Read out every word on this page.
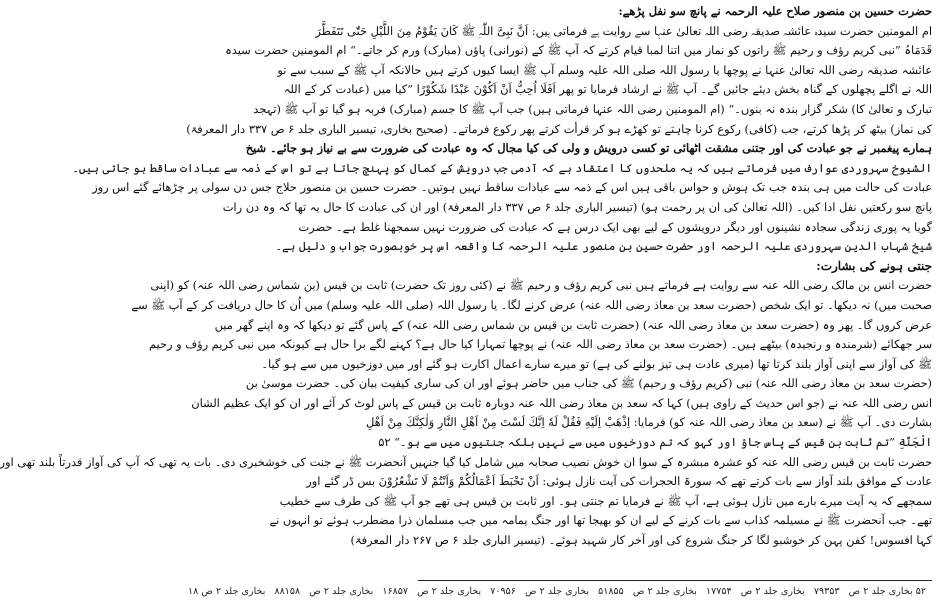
حضرت حسین بن منصور صلاح علیہ الرحمہ نے پانچ سو نفل پڑھے:
ام المومنین حضرت سیدہ عائشہ صدیقہ رضی اللہ تعالیٰ عنہا سے روایت ہے فرماتی ہیں: اَنَّ نَبِیَّ اللّٰہِ ﷺ کَانَ یَقُوْمُ مِنَ اللَّیْلِ حَتّٰی تَتَفَطَّرَ
قَدَمَاہُ ”نبی کریم رؤف و رحیم ﷺ راتوں کو نماز میں اتنا لمبا قیام کرتے کہ آپ ﷺ کے (نورانی) پاؤں (مبارک) ورم کر جاتے۔“ ام المومنین حضرت سیدہ
عائشہ صدیقہ رضی اللہ تعالیٰ عنہا نے پوچھا یا رسول اللہ صلی اللہ علیہ وسلم آپ ﷺ ایسا کیوں کرتے ہیں حالانکہ آپ ﷺ کے سبب سے تو
اللہ نے اگلے پچھلوں کے گناہ بخش دیئے جائیں گے۔ آپ ﷺ نے ارشاد فرمایا تو پھر اَفَلَا اُحِبُّ اَنْ اَکُوْنَ عَبْدًا شَکُوْرًا ”کیا میں (عبادت کر کے اللہ
تبارک و تعالیٰ کا) شکر گزار بندہ نہ بنوں۔“ (ام المومنین رضی اللہ عنہا فرماتی ہیں) جب آپ ﷺ کا جسم (مبارک) فربہ ہو گیا تو آپ ﷺ (تہجد
کی نماز) بیٹھ کر پڑھا کرتے، جب (کافی) رکوع کرنا چاہتے تو کھڑے ہو کر قرأت کرتے پھر رکوع فرماتے۔ (صحیح بخاری، تیسیر الباری جلد ۶ ص ۳۳۷ دار المعرفۃ)
ہمارے پیغمبر نے جو عبادت کی اور جتنی مشقت اٹھائی تو کسی درویش و ولی کی کیا مجال کہ وہ عبادت کی ضرورت سے بے نیاز ہو جائے۔ شیخ
الشیوخ سہروردی عوارف میں فرماتے ہیں کہ یہ ملحدوں کا اعتقاد ہے کہ آدمی جب درویش کے کمال کو پہنچ جاتا ہے تو اس کے ذمہ سے عبادات ساقط ہو جاتی ہیں۔
عبادت کی حالت میں ہی بندہ جب تک ہوش و حواس باقی ہیں اس کے ذمہ سے عبادات ساقط نہیں ہوتیں۔ حضرت حسین بن منصور حلاج جس دن سولی پر چڑھائے گئے اس روز
پانچ سو رکعتیں نفل ادا کیں۔ (اللہ تعالیٰ کی ان پر رحمت ہو) (تیسیر الباری جلد ۶ ص ۳۳۷ دار المعرفۃ) اور ان کی عبادت کا حال یہ تھا کہ وہ دن رات
گویا یہ پوری زندگی سجادہ نشینوں اور دیگر درویشوں کے لیے بھی ایک درس ہے کہ عبادت کی ضرورت نہیں سمجھنا غلط ہے۔ حضرت
شیخ شہاب الدین سہروردی علیہ الرحمہ اور حضرت حسین بن منصور علیہ الرحمہ کا واقعہ اس پر خوبصورت جواب و دلیل ہے۔
جنتی ہونے کی بشارت:
حضرت انس بن مالک رضی اللہ عنہ سے روایت ہے فرماتے ہیں نبی کریم رؤف و رحیم ﷺ نے (کئی روز تک حضرت) ثابت بن قیس (بن شماس رضی اللہ عنہ) کو (اپنی
صحبت میں) نہ دیکھا۔ تو ایک شخص (حضرت سعد بن معاذ رضی اللہ عنہ) عرض کرنے لگا۔ یا رسول اللہ (صلی اللہ علیہ وسلم) میں اُن کا حال دریافت کر کے آپ ﷺ سے
عرض کروں گا۔ پھر وہ (حضرت سعد بن معاذ رضی اللہ عنہ) (حضرت ثابت بن قیس بن شماس رضی اللہ عنہ) کے پاس گئے تو دیکھا کہ وہ اپنے گھر میں
سر جھکائے (شرمندہ و رنجیدہ) بیٹھے ہیں۔ (حضرت سعد بن معاذ رضی اللہ عنہ) نے پوچھا تمہارا کیا حال ہے؟ کہنے لگے برا حال ہے کیونکہ میں نبی کریم رؤف و رحیم
ﷺ کی آواز سے اپنی آواز بلند کرتا تھا (میری عادت ہی تیز بولنے کی ہے) تو میرے سارے اعمال اکارت ہو گئے اور میں دوزخیوں میں سے ہو گیا۔
(حضرت سعد بن معاذ رضی اللہ عنہ) نبی (کریم رؤف و رحیم) ﷺ کی جناب میں حاضر ہوئے اور ان کی ساری کیفیت بیان کی۔ حضرت موسیٰ بن
انس رضی اللہ عنہ نے (جو اس حدیث کے راوی ہیں) کہا کہ سعد بن معاذ رضی اللہ عنہ دوبارہ ثابت بن قیس کے پاس لوٹ کر آئے اور ان کو ایک عظیم الشان
بشارت دی۔ آپ ﷺ نے (سعد بن معاذ رضی اللہ عنہ کو) فرمایا: اِذْهَبْ اِلَیْهِ فَقُلْ لَهٗ اِنَّكَ لَسْتَ مِنْ اَهْلِ النَّارِ وَلٰكِنَّكَ مِنْ اَهْلِ
الْجَنَّةِ ”تم ثابت بن قیس کے پاس جاؤ اور کہو کہ تم دوزخیوں میں سے نہیں بلکہ جنتیوں میں سے ہو۔“ ۵۲
حضرت ثابت بن قیس رضی اللہ عنہ کو عشرہ مبشرہ کے سوا ان خوش نصیب صحابہ میں شامل کیا گیا جنہیں آنحضرت ﷺ نے جنت کی خوشخبری دی۔ بات یہ تھی کہ آپ کی آواز قدرتاً بلند تھی اور
عادت کے موافق بلند آواز سے بات کرتے تھے کہ سورۃ الحجرات کی آیت نازل ہوئی: اَنْ تَحْبَطَ اَعْمَالُكُمْ وَاَنْتُمْ لَا تَشْعُرُوْنَ بس ڈر گئے اور
سمجھے کہ یہ آیت میرے بارے میں نازل ہوئی ہے، آپ ﷺ نے فرمایا تم جنتی ہو۔ اور ثابت بن قیس ہی تھے جو آپ ﷺ کی طرف سے خطیب
تھے۔ جب آنحضرت ﷺ نے مسیلمہ کذاب سے بات کرنے کے لیے ان کو بھیجا تھا اور جنگ یمامہ میں جب مسلمان ذرا مضطرب ہوئے تو انہوں نے
کہا افسوس! کفن پہن کر خوشبو لگا کر جنگ شروع کی اور آخر کار شہید ہوئے۔ (تیسیر الباری جلد ۶ ص ۲۶۷ دار المعرفۃ)
۵۲ بخاری جلد ۲ ص ۷۹۳۵۳ بخاری جلد ۲ ص ۱۷۷۵۴ بخاری جلد ۲ ص ۵۱۸۵۵ بخاری جلد ۲ ص ۷۰۹۵۶ بخاری جلد ۲ ص ۱۶۸۵۷ بخاری جلد ۲ ص ۸۸۱۵۸ بخاری جلد ۲ ص ۱۸
